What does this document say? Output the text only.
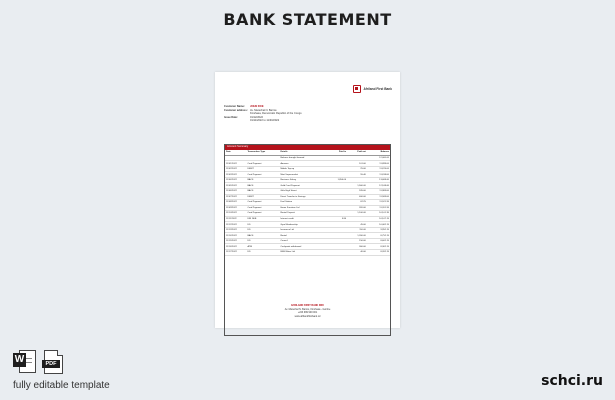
BANK STATEMENT
Afriland First Bank
Customer Name:	JOHN DOE
Customer address: Av. Marechal N. Barros
Kinshasa, Democratic Republic of the Congo
Issue Date:	01/12/2022
01/11/2022 to 11/30/2022
Account Summary
Date	Transaction Type	Details	Paid in	Paid out	Balance
		Balance brought forward			12,000.00
11/01/2022	Card Payment	Amazon		101.00	11,899.00
11/02/2022	DEBIT	Mobile Top-up		25.00	11,874.00
11/03/2022	Card Payment	Mart Supermarket		55.40	11,818.60
11/04/2022	BACS	Business Salary	1,850.00		13,668.60
11/05/2022	BACS	Gold Card Payment		1,500.00	12,168.60
11/06/2022	BACS	Gifts High Street		185.00	11,983.60
11/07/2022	DEBIT	Direct Transfer to Savings		400.00	11,583.60
11/08/2022	Card Payment	Fuel Station		62.25	11,521.35
11/09/2022	Card Payment	Home Furniture Ltd		320.00	11,201.35
11/10/2022	Card Payment	Rental Deposit		1,100.00	10,101.35
11/11/2022	DIR DEB	Interest credit	5.80		10,107.15
11/12/2022	DD	Gym Membership		45.00	10,062.15
11/13/2022	DD	Insurance Ltd		110.00	9,952.15
11/14/2022	BACS	Rental		1,200.00	8,752.15
11/15/2022	DD	Council		150.00	8,602.15
11/16/2022	ATM	Cashpoint withdrawal		300.00	8,302.15
11/17/2022	DD	BSB Water Ltd		40.00	8,262.15
AFRILAND FIRST BANK DRC
Av. Marechal N. Barros, Kinshasa - Gombe
+243 999 900 001
www.afrilandfirstbank.cd
W	PDF
fully editable template	schci.ru
